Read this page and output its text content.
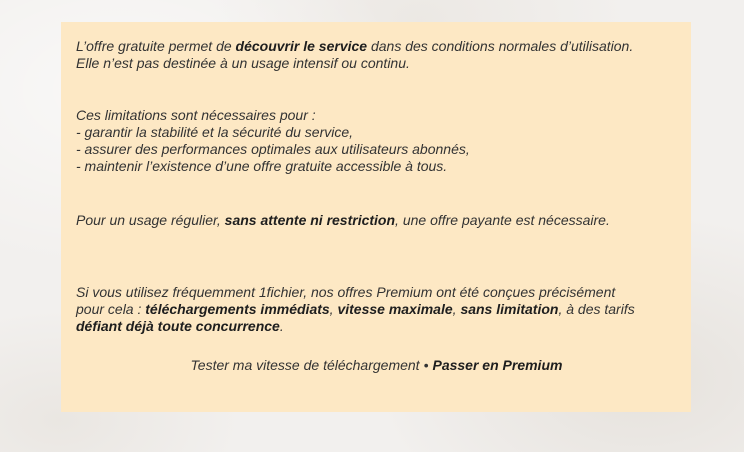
L’offre gratuite permet de découvrir le service dans des conditions normales d’utilisation.
Elle n’est pas destinée à un usage intensif ou continu.

Ces limitations sont nécessaires pour :
- garantir la stabilité et la sécurité du service,
- assurer des performances optimales aux utilisateurs abonnés,
- maintenir l’existence d’une offre gratuite accessible à tous.

Pour un usage régulier, sans attente ni restriction, une offre payante est nécessaire.

Si vous utilisez fréquemment 1fichier, nos offres Premium ont été conçues précisément
pour cela : téléchargements immédiats, vitesse maximale, sans limitation, à des tarifs
défiant déjà toute concurrence.

Tester ma vitesse de téléchargement • Passer en Premium
